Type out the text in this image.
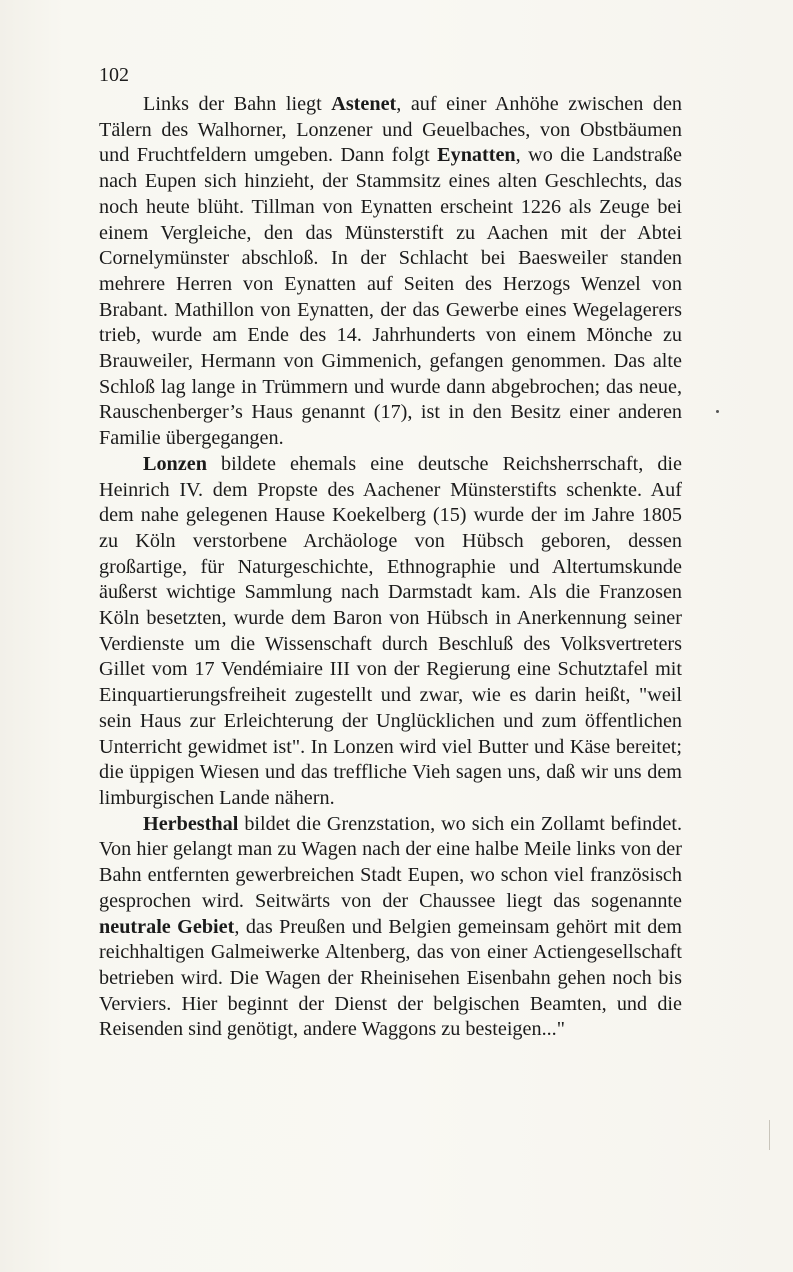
102

Links der Bahn liegt Astenet, auf einer Anhöhe zwischen den Tälern des Walhorner, Lonzener und Geuelbaches, von Obstbäumen und Fruchtfeldern umgeben. Dann folgt Eynatten, wo die Landstraße nach Eupen sich hinzieht, der Stammsitz eines alten Geschlechts, das noch heute blüht. Tillman von Eynatten erscheint 1226 als Zeuge bei einem Vergleiche, den das Münsterstift zu Aachen mit der Abtei Cornelymünster abschloß. In der Schlacht bei Baesweiler standen mehrere Herren von Eynatten auf Seiten des Herzogs Wenzel von Brabant. Mathillon von Eynatten, der das Gewerbe eines Wegelagerers trieb, wurde am Ende des 14. Jahrhunderts von einem Mönche zu Brauweiler, Hermann von Gimmenich, gefangen genommen. Das alte Schloß lag lange in Trümmern und wurde dann abgebrochen; das neue, Rauschenberger’s Haus genannt (17), ist in den Besitz einer anderen Familie übergegangen.

Lonzen bildete ehemals eine deutsche Reichsherrschaft, die Heinrich IV. dem Propste des Aachener Münsterstifts schenkte. Auf dem nahe gelegenen Hause Koekelberg (15) wurde der im Jahre 1805 zu Köln verstorbene Archäologe von Hübsch geboren, dessen großartige, für Naturgeschichte, Ethnographie und Altertumskunde äußerst wichtige Sammlung nach Darmstadt kam. Als die Franzosen Köln besetzten, wurde dem Baron von Hübsch in Anerkennung seiner Verdienste um die Wissenschaft durch Beschluß des Volksvertreters Gillet vom 17 Vendémiaire III von der Regierung eine Schutztafel mit Einquartierungsfreiheit zugestellt und zwar, wie es darin heißt, "weil sein Haus zur Erleichterung der Unglücklichen und zum öffentlichen Unterricht gewidmet ist". In Lonzen wird viel Butter und Käse bereitet; die üppigen Wiesen und das treffliche Vieh sagen uns, daß wir uns dem limburgischen Lande nähern.

Herbesthal bildet die Grenzstation, wo sich ein Zollamt befindet. Von hier gelangt man zu Wagen nach der eine halbe Meile links von der Bahn entfernten gewerbreichen Stadt Eupen, wo schon viel französisch gesprochen wird. Seitwärts von der Chaussee liegt das sogenannte neutrale Gebiet, das Preußen und Belgien gemeinsam gehört mit dem reichhaltigen Galmeiwerke Altenberg, das von einer Actiengesellschaft betrieben wird. Die Wagen der Rheinisehen Eisenbahn gehen noch bis Verviers. Hier beginnt der Dienst der belgischen Beamten, und die Reisenden sind genötigt, andere Waggons zu besteigen..."
